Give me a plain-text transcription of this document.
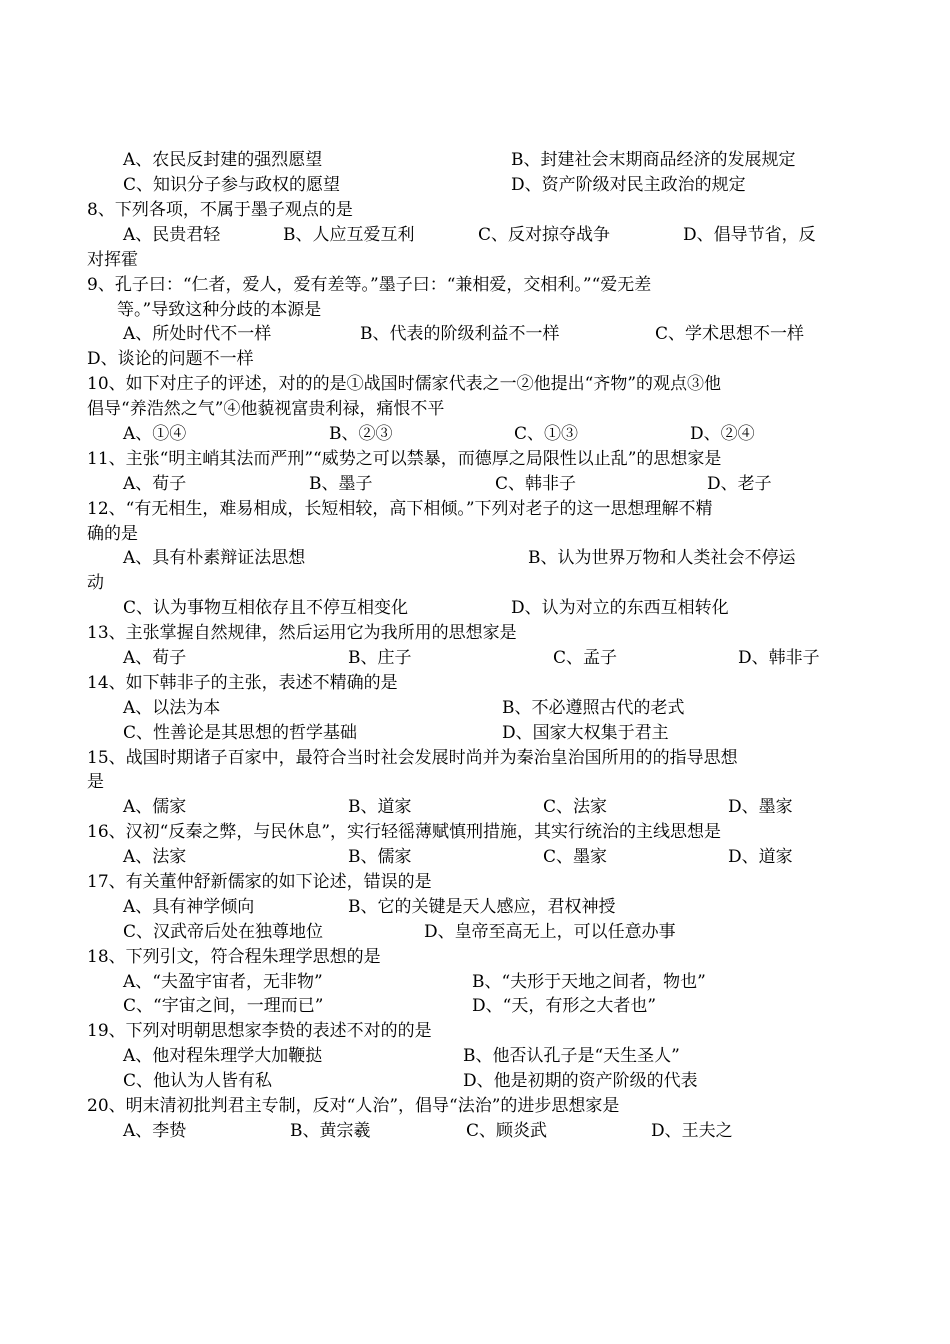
A、农民反封建的强烈愿望	B、封建社会末期商品经济的发展规定
C、知识分子参与政权的愿望	D、资产阶级对民主政治的规定
8、下列各项，不属于墨子观点的是
A、民贵君轻	B、人应互爱互利	C、反对掠夺战争	D、倡导节省，反
对挥霍
9、孔子曰：“仁者，爱人，爱有差等。”墨子曰：“兼相爱，交相利。”“爱无差
等。”导致这种分歧的本源是
A、所处时代不一样	B、代表的阶级利益不一样	C、学术思想不一样
D、谈论的问题不一样
10、如下对庄子的评述，对的的是①战国时儒家代表之一②他提出“齐物”的观点③他
倡导“养浩然之气”④他藐视富贵利禄，痛恨不平
A、①④	B、②③	C、①③	D、②④
11、主张“明主峭其法而严刑”“威势之可以禁暴，而德厚之局限性以止乱”的思想家是
A、荀子	B、墨子	C、韩非子	D、老子
12、“有无相生，难易相成，长短相较，高下相倾。”下列对老子的这一思想理解不精
确的是
A、具有朴素辩证法思想	B、认为世界万物和人类社会不停运
动
C、认为事物互相依存且不停互相变化	D、认为对立的东西互相转化
13、主张掌握自然规律，然后运用它为我所用的思想家是
A、荀子	B、庄子	C、孟子	D、韩非子
14、如下韩非子的主张，表述不精确的是
A、以法为本	B、不必遵照古代的老式
C、性善论是其思想的哲学基础	D、国家大权集于君主
15、战国时期诸子百家中，最符合当时社会发展时尚并为秦治皇治国所用的的指导思想
是
A、儒家	B、道家	C、法家	D、墨家
16、汉初“反秦之弊，与民休息”，实行轻徭薄赋慎刑措施，其实行统治的主线思想是
A、法家	B、儒家	C、墨家	D、道家
17、有关董仲舒新儒家的如下论述，错误的是
A、具有神学倾向	B、它的关键是天人感应，君权神授
C、汉武帝后处在独尊地位	D、皇帝至高无上，可以任意办事
18、下列引文，符合程朱理学思想的是
A、“夫盈宇宙者，无非物”	B、“夫形于天地之间者，物也”
C、“宇宙之间，一理而已”	D、“天，有形之大者也”
19、下列对明朝思想家李贽的表述不对的的是
A、他对程朱理学大加鞭挞	B、他否认孔子是“天生圣人”
C、他认为人皆有私	D、他是初期的资产阶级的代表
20、明末清初批判君主专制，反对“人治”，倡导“法治”的进步思想家是
A、李贽	B、黄宗羲	C、顾炎武	D、王夫之
